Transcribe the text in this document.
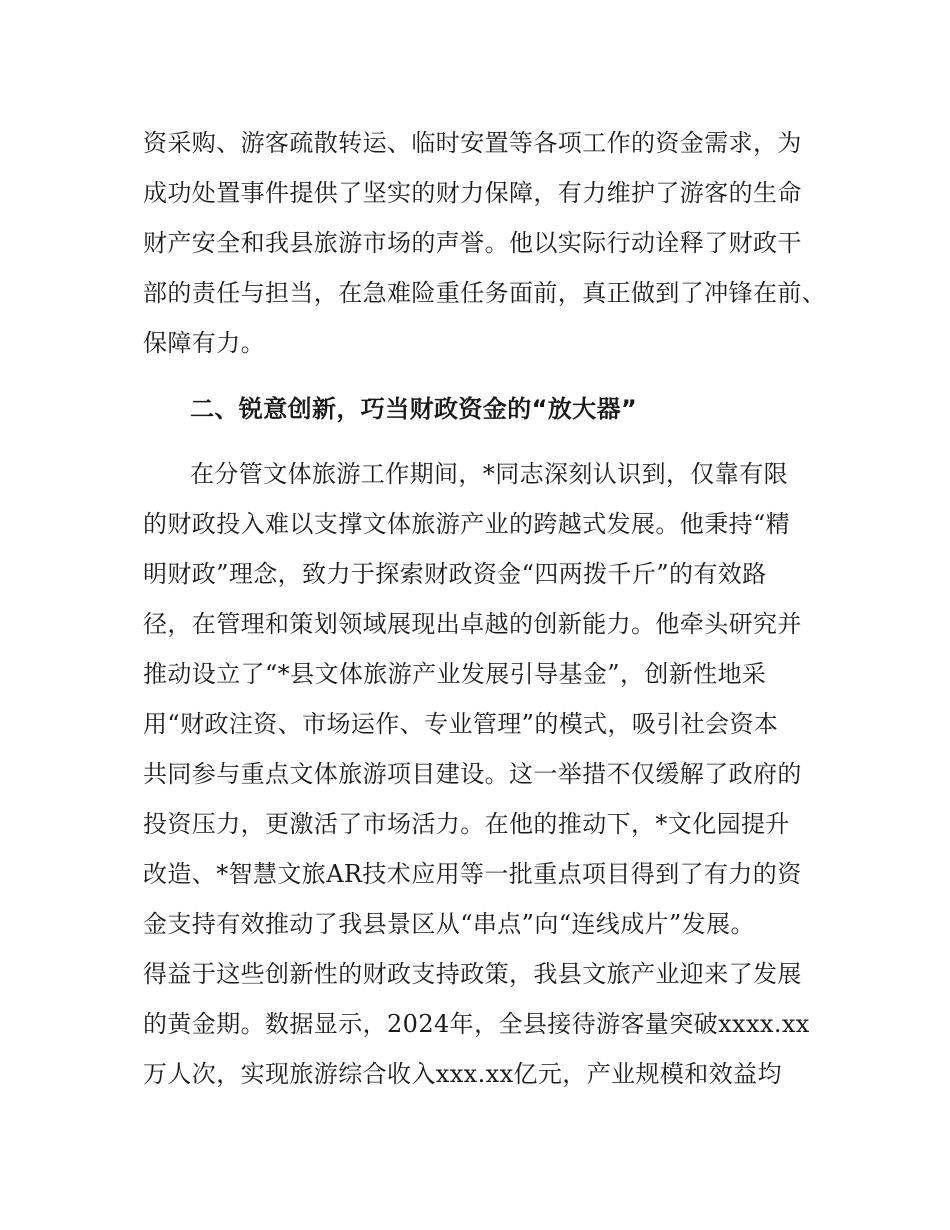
资采购、游客疏散转运、临时安置等各项工作的资金需求，为
成功处置事件提供了坚实的财力保障，有力维护了游客的生命
财产安全和我县旅游市场的声誉。他以实际行动诠释了财政干
部的责任与担当，在急难险重任务面前，真正做到了冲锋在前、
保障有力。
二、锐意创新，巧当财政资金的“放大器”
在分管文体旅游工作期间，*同志深刻认识到，仅靠有限
的财政投入难以支撑文体旅游产业的跨越式发展。他秉持“精
明财政”理念，致力于探索财政资金“四两拨千斤”的有效路
径，在管理和策划领域展现出卓越的创新能力。他牵头研究并
推动设立了“*县文体旅游产业发展引导基金”，创新性地采
用“财政注资、市场运作、专业管理”的模式，吸引社会资本
共同参与重点文体旅游项目建设。这一举措不仅缓解了政府的
投资压力，更激活了市场活力。在他的推动下，*文化园提升
改造、*智慧文旅AR技术应用等一批重点项目得到了有力的资
金支持有效推动了我县景区从“串点”向“连线成片”发展。
得益于这些创新性的财政支持政策，我县文旅产业迎来了发展
的黄金期。数据显示，2024年，全县接待游客量突破xxxx.xx
万人次，实现旅游综合收入xxx.xx亿元，产业规模和效益均
